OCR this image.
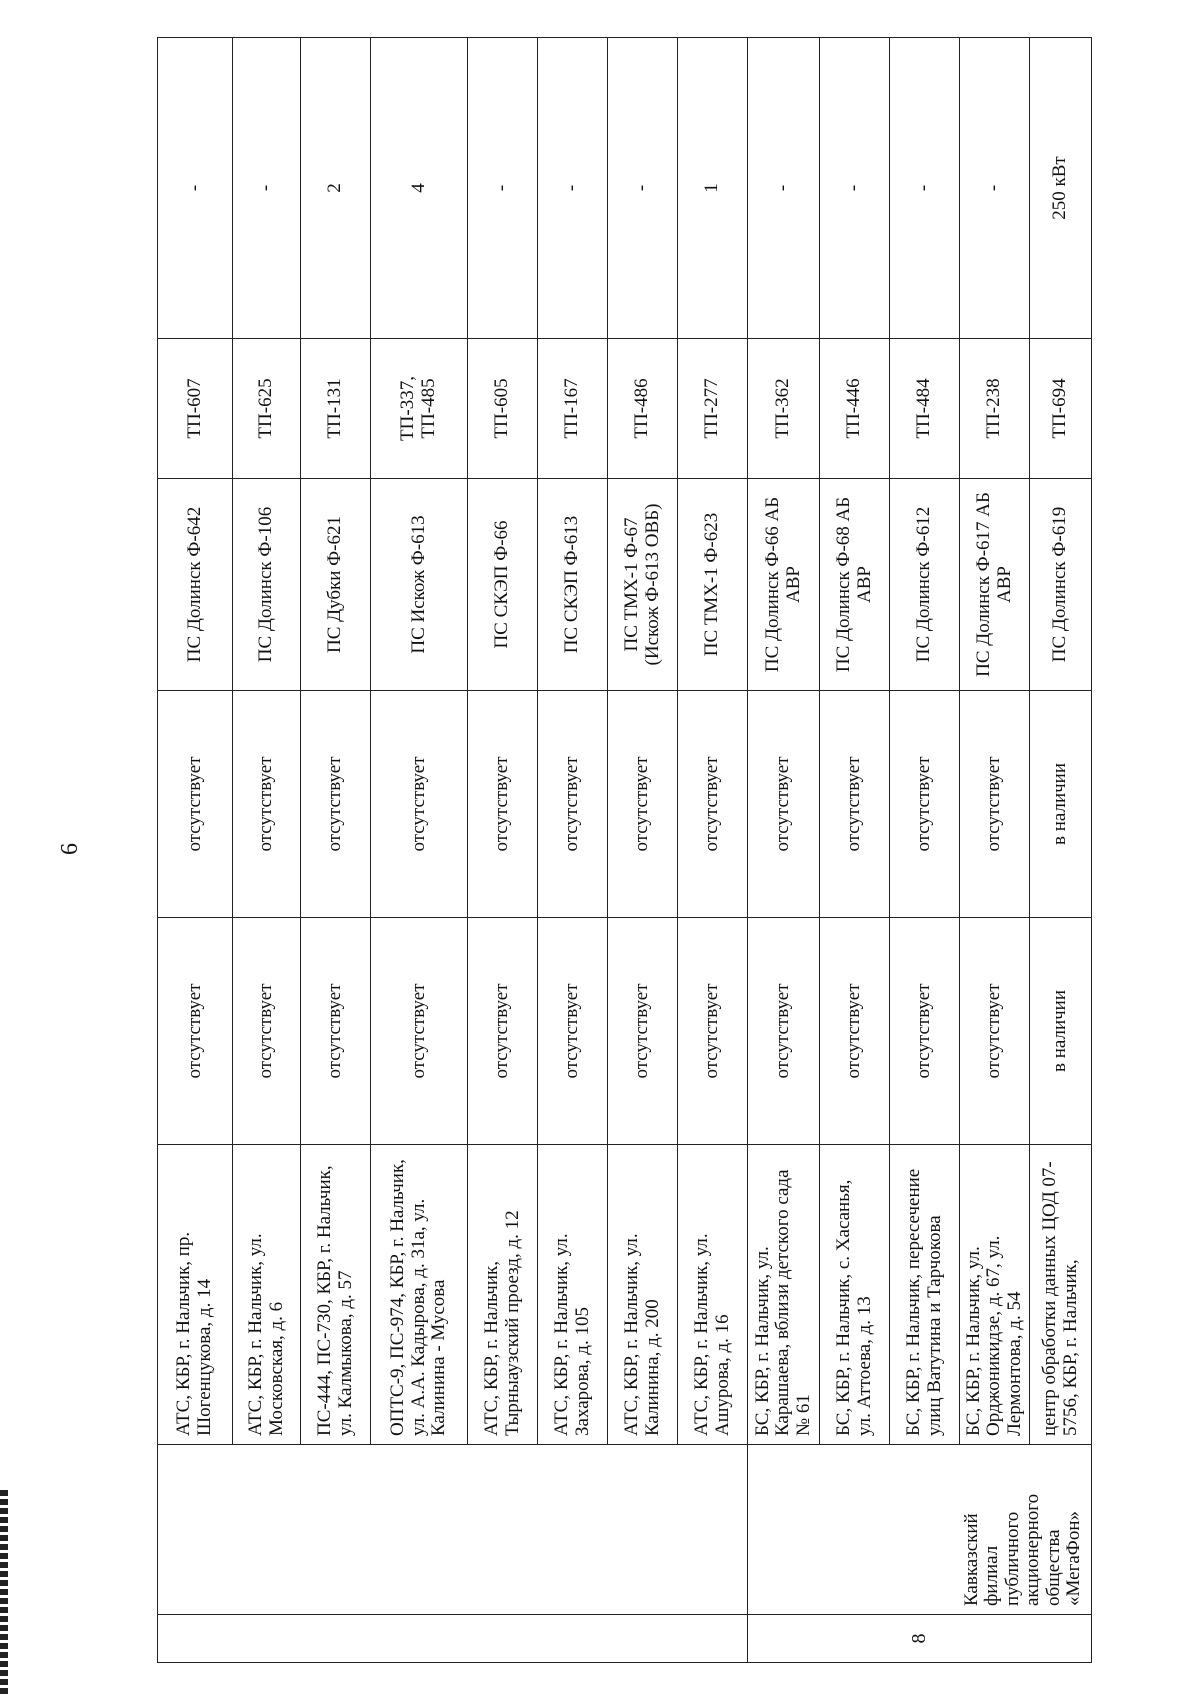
6

		АТС, КБР, г. Нальчик, пр. Шогенцукова, д. 14	отсутствует	отсутствует	ПС Долинск Ф-642	ТП-607	-
		АТС, КБР, г. Нальчик, ул. Московская, д. 6	отсутствует	отсутствует	ПС Долинск Ф-106	ТП-625	-
		ПС-444, ПС-730, КБР, г. Нальчик, ул. Калмыкова, д. 57	отсутствует	отсутствует	ПС Дубки Ф-621	ТП-131	2
		ОПТС-9, ПС-974, КБР, г. Нальчик, ул. А.А. Кадырова, д. 31а, ул. Калинина - Мусова	отсутствует	отсутствует	ПС Искож Ф-613	ТП-337, ТП-485	4
		АТС, КБР, г. Нальчик, Тырныаузский проезд, д. 12	отсутствует	отсутствует	ПС СКЭП Ф-66	ТП-605	-
		АТС, КБР, г. Нальчик, ул. Захарова, д. 105	отсутствует	отсутствует	ПС СКЭП Ф-613	ТП-167	-
		АТС, КБР, г. Нальчик, ул. Калинина, д. 200	отсутствует	отсутствует	ПС ТМХ-1 Ф-67 (Искож Ф-613 ОВБ)	ТП-486	-
		АТС, КБР, г. Нальчик, ул. Ашурова, д. 16	отсутствует	отсутствует	ПС ТМХ-1 Ф-623	ТП-277	1
8	Кавказский филиал публичного акционерного общества «МегаФон»	БС, КБР, г. Нальчик, ул. Карашаева, вблизи детского сада № 61	отсутствует	отсутствует	ПС Долинск Ф-66 АБ АВР	ТП-362	-
		БС, КБР, г. Нальчик, с. Хасанья, ул. Аттоева, д. 13	отсутствует	отсутствует	ПС Долинск Ф-68 АБ АВР	ТП-446	-
		БС, КБР, г. Нальчик, пересечение улиц Ватутина и Тарчокова	отсутствует	отсутствует	ПС Долинск Ф-612	ТП-484	-
		БС, КБР, г. Нальчик, ул. Орджоникидзе, д. 67, ул. Лермонтова, д. 54	отсутствует	отсутствует	ПС Долинск Ф-617 АБ АВР	ТП-238	-
		центр обработки данных ЦОД 07-5756, КБР, г. Нальчик,	в наличии	в наличии	ПС Долинск Ф-619	ТП-694	250 кВт
